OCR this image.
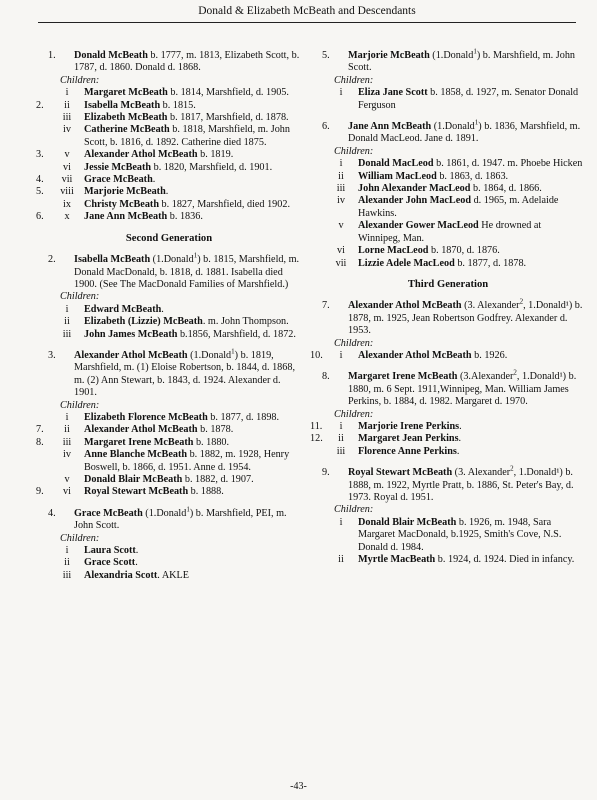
Donald & Elizabeth McBeath and Descendants
1. Donald McBeath b. 1777, m. 1813, Elizabeth Scott, b. 1787, d. 1860. Donald d. 1868.
Children:
i	Margaret McBeath b. 1814, Marshfield, d. 1905.
2.	ii	Isabella McBeath b. 1815.
iii	Elizabeth McBeath b. 1817, Marshfield, d. 1878.
iv	Catherine McBeath b. 1818, Marshfield, m. John Scott, b. 1816, d. 1892. Catherine died 1875.
3.	v	Alexander Athol McBeath b. 1819.
vi	Jessie McBeath b. 1820, Marshfield, d. 1901.
4.	vii	Grace McBeath.
5.	viii	Marjorie McBeath.
ix	Christy McBeath b. 1827, Marshfield, died 1902.
6.	x	Jane Ann McBeath b. 1836.
Second Generation
2. Isabella McBeath (1.Donald$^1$) b. 1815, Marshfield, m. Donald MacDonald, b. 1818, d. 1881. Isabella died 1900. (See The MacDonald Families of Marshfield.)
Children:
i	Edward McBeath.
ii	Elizabeth (Lizzie) McBeath. m. John Thompson.
iii	John James McBeath b.1856, Marshfield, d. 1872.
3. Alexander Athol McBeath (1.Donald$^1$) b. 1819, Marshfield, m. (1) Eloise Robertson, b. 1844, d. 1868, m. (2) Ann Stewart, b. 1843, d. 1924. Alexander d. 1901.
Children:
i	Elizabeth Florence McBeath b. 1877, d. 1898.
7.	ii	Alexander Athol McBeath b. 1878.
8.	iii	Margaret Irene McBeath b. 1880.
iv	Anne Blanche McBeath b. 1882, m. 1928, Henry Boswell, b. 1866, d. 1951. Anne d. 1954.
v	Donald Blair McBeath b. 1882, d. 1907.
9.	vi	Royal Stewart McBeath b. 1888.
4. Grace McBeath (1.Donald$^1$) b. Marshfield, PEI, m. John Scott.
Children:
i	Laura Scott.
ii	Grace Scott.
iii	Alexandria Scott. AKLE
5. Marjorie McBeath (1.Donald$^1$) b. Marshfield, m. John Scott.
Children:
i	Eliza Jane Scott b. 1858, d. 1927, m. Senator Donald Ferguson
6. Jane Ann McBeath (1.Donald$^1$) b. 1836, Marshfield, m. Donald MacLeod. Jane d. 1891.
Children:
i	Donald MacLeod b. 1861, d. 1947. m. Phoebe Hicken
ii	William MacLeod b. 1863, d. 1863.
iii	John Alexander MacLeod b. 1864, d. 1866.
iv	Alexander John MacLeod d. 1965, m. Adelaide Hawkins.
v	Alexander Gower MacLeod He drowned at Winnipeg, Man.
vi	Lorne MacLeod b. 1870, d. 1876.
vii	Lizzie Adele MacLeod b. 1877, d. 1878.
Third Generation
7. Alexander Athol McBeath (3. Alexander$^2$, 1.Donald¹) b. 1878, m. 1925, Jean Robertson Godfrey. Alexander d. 1953.
Children:
10.	i	Alexander Athol McBeath b. 1926.
8. Margaret Irene McBeath (3.Alexander$^2$, 1.Donald¹) b. 1880, m. 6 Sept. 1911,Winnipeg, Man. William James Perkins, b. 1884, d. 1982. Margaret d. 1970.
Children:
11.	i	Marjorie Irene Perkins.
12.	ii	Margaret Jean Perkins.
iii	Florence Anne Perkins.
9. Royal Stewart McBeath (3. Alexander$^2$, 1.Donald¹) b. 1888, m. 1922, Myrtle Pratt, b. 1886, St. Peter's Bay, d. 1973. Royal d. 1951.
Children:
i	Donald Blair McBeath b. 1926, m. 1948, Sara Margaret MacDonald, b.1925, Smith's Cove, N.S. Donald d. 1984.
ii	Myrtle MacBeath b. 1924, d. 1924. Died in infancy.
-43-
